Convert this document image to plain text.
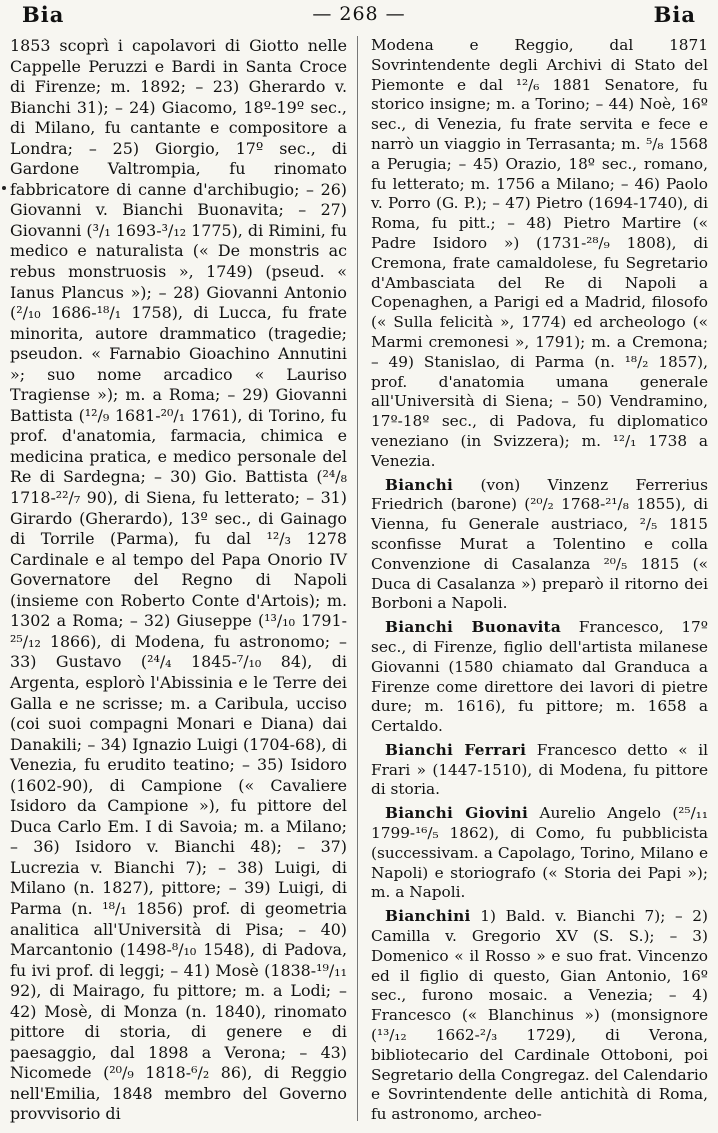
Bia	— 268 —	Bia

1853 scoprì i capolavori di Giotto nelle Cappelle Peruzzi e Bardi in Santa Croce di Firenze; m. 1892; – 23) Gherardo v. Bianchi 31); – 24) Giacomo, 18º-19º sec., di Milano, fu cantante e compositore a Londra; – 25) Giorgio, 17º sec., di Gardone Valtrompia, fu rinomato fabbricatore di canne d'archibugio; – 26) Giovanni v. Bianchi Buonavita; – 27) Giovanni (³/₁ 1693-³/₁₂ 1775), di Rimini, fu medico e naturalista (« De monstris ac rebus monstruosis », 1749) (pseud. « Ianus Plancus »); – 28) Giovanni Antonio (²/₁₀ 1686-¹⁸/₁ 1758), di Lucca, fu frate minorita, autore drammatico (tragedie; pseudon. « Farnabio Gioachino Annutini »; suo nome arcadico « Lauriso Tragiense »); m. a Roma; – 29) Giovanni Battista (¹²/₉ 1681-²⁰/₁ 1761), di Torino, fu prof. d'anatomia, farmacia, chimica e medicina pratica, e medico personale del Re di Sardegna; – 30) Gio. Battista (²⁴/₈ 1718-²²/₇ 90), di Siena, fu letterato; – 31) Girardo (Gherardo), 13º sec., di Gainago di Torrile (Parma), fu dal ¹²/₃ 1278 Cardinale e al tempo del Papa Onorio IV Governatore del Regno di Napoli (insieme con Roberto Conte d'Artois); m. 1302 a Roma; – 32) Giuseppe (¹³/₁₀ 1791-²⁵/₁₂ 1866), di Modena, fu astronomo; – 33) Gustavo (²⁴/₄ 1845-⁷/₁₀ 84), di Argenta, esplorò l'Abissinia e le Terre dei Galla e ne scrisse; m. a Caribula, ucciso (coi suoi compagni Monari e Diana) dai Danakili; – 34) Ignazio Luigi (1704-68), di Venezia, fu erudito teatino; – 35) Isidoro (1602-90), di Campione (« Cavaliere Isidoro da Campione »), fu pittore del Duca Carlo Em. I di Savoia; m. a Milano; – 36) Isidoro v. Bianchi 48); – 37) Lucrezia v. Bianchi 7); – 38) Luigi, di Milano (n. 1827), pittore; – 39) Luigi, di Parma (n. ¹⁸/₁ 1856) prof. di geometria analitica all'Università di Pisa; – 40) Marcantonio (1498-⁸/₁₀ 1548), di Padova, fu ivi prof. di leggi; – 41) Mosè (1838-¹⁹/₁₁ 92), di Mairago, fu pittore; m. a Lodi; – 42) Mosè, di Monza (n. 1840), rinomato pittore di storia, di genere e di paesaggio, dal 1898 a Verona; – 43) Nicomede (²⁰/₉ 1818-⁶/₂ 86), di Reggio nell'Emilia, 1848 membro del Governo provvisorio di

Modena e Reggio, dal 1871 Sovrintendente degli Archivi di Stato del Piemonte e dal ¹²/₆ 1881 Senatore, fu storico insigne; m. a Torino; – 44) Noè, 16º sec., di Venezia, fu frate servita e fece e narrò un viaggio in Terrasanta; m. ⁵/₈ 1568 a Perugia; – 45) Orazio, 18º sec., romano, fu letterato; m. 1756 a Milano; – 46) Paolo v. Porro (G. P.); – 47) Pietro (1694-1740), di Roma, fu pitt.; – 48) Pietro Martire (« Padre Isidoro ») (1731-²⁸/₉ 1808), di Cremona, frate camaldolese, fu Segretario d'Ambasciata del Re di Napoli a Copenaghen, a Parigi ed a Madrid, filosofo (« Sulla felicità », 1774) ed archeologo (« Marmi cremonesi », 1791); m. a Cremona; – 49) Stanislao, di Parma (n. ¹⁸/₂ 1857), prof. d'anatomia umana generale all'Università di Siena; – 50) Vendramino, 17º-18º sec., di Padova, fu diplomatico veneziano (in Svizzera); m. ¹²/₁ 1738 a Venezia.

Bianchi (von) Vinzenz Ferrerius Friedrich (barone) (²⁰/₂ 1768-²¹/₈ 1855), di Vienna, fu Generale austriaco, ²/₅ 1815 sconfisse Murat a Tolentino e colla Convenzione di Casalanza ²⁰/₅ 1815 (« Duca di Casalanza ») preparò il ritorno dei Borboni a Napoli.

Bianchi Buonavita Francesco, 17º sec., di Firenze, figlio dell'artista milanese Giovanni (1580 chiamato dal Granduca a Firenze come direttore dei lavori di pietre dure; m. 1616), fu pittore; m. 1658 a Certaldo.

Bianchi Ferrari Francesco detto « il Frari » (1447-1510), di Modena, fu pittore di storia.

Bianchi Giovini Aurelio Angelo (²⁵/₁₁ 1799-¹⁶/₅ 1862), di Como, fu pubblicista (successivam. a Capolago, Torino, Milano e Napoli) e storiografo (« Storia dei Papi »); m. a Napoli.

Bianchini 1) Bald. v. Bianchi 7); – 2) Camilla v. Gregorio XV (S. S.); – 3) Domenico « il Rosso » e suo frat. Vincenzo ed il figlio di questo, Gian Antonio, 16º sec., furono mosaic. a Venezia; – 4) Francesco (« Blanchinus ») (monsignore (¹³/₁₂ 1662-²/₃ 1729), di Verona, bibliotecario del Cardinale Ottoboni, poi Segretario della Congregaz. del Calendario e Sovrintendente delle antichità di Roma, fu astronomo, archeo-
